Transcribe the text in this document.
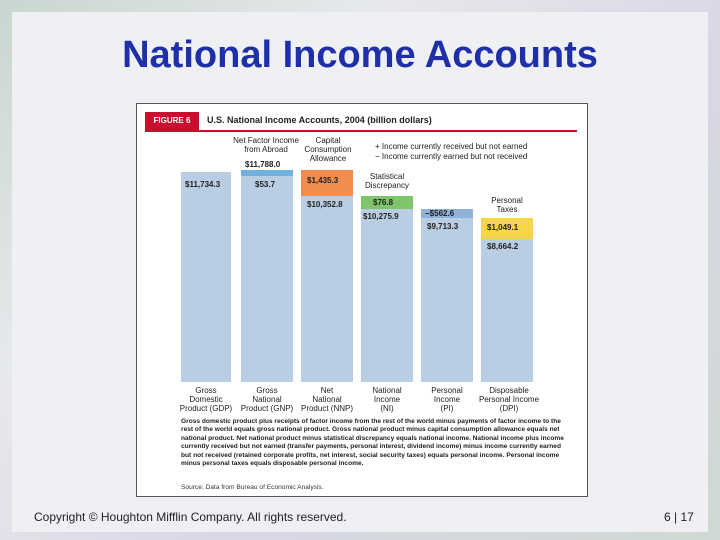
National Income Accounts
FIGURE 6	U.S. National Income Accounts, 2004 (billion dollars)
$11,734.3	$53.7
$11,788.0
$1,435.3
$10,352.8	$76.8
$10,275.9	−$562.6
$9,713.3	$1,049.1
$8,664.2
Net Factor Income
from Abroad
Capital
Consumption
Allowance
Statistical
Discrepancy
+ Income currently received but not earned
− Income currently earned but not received
Personal
Taxes
Gross
Domestic
Product (GDP)
Gross
National
Product (GNP)
Net
National
Product (NNP)
National
Income
(NI)
Personal
Income
(PI)
Disposable
Personal Income
(DPI)
Gross domestic product plus receipts of factor income from the rest of the world minus payments of factor income to the rest of the world equals gross national product. Gross national product minus capital consumption allowance equals net national product. Net national product minus statistical discrepancy equals national income. National income plus income currently received but not earned (transfer payments, personal interest, dividend income) minus income currently earned but not received (retained corporate profits, net interest, social security taxes) equals personal income. Personal income minus personal taxes equals disposable personal income.
Source: Data from Bureau of Economic Analysis.
Copyright © Houghton Mifflin Company. All rights reserved.	6 | 17
